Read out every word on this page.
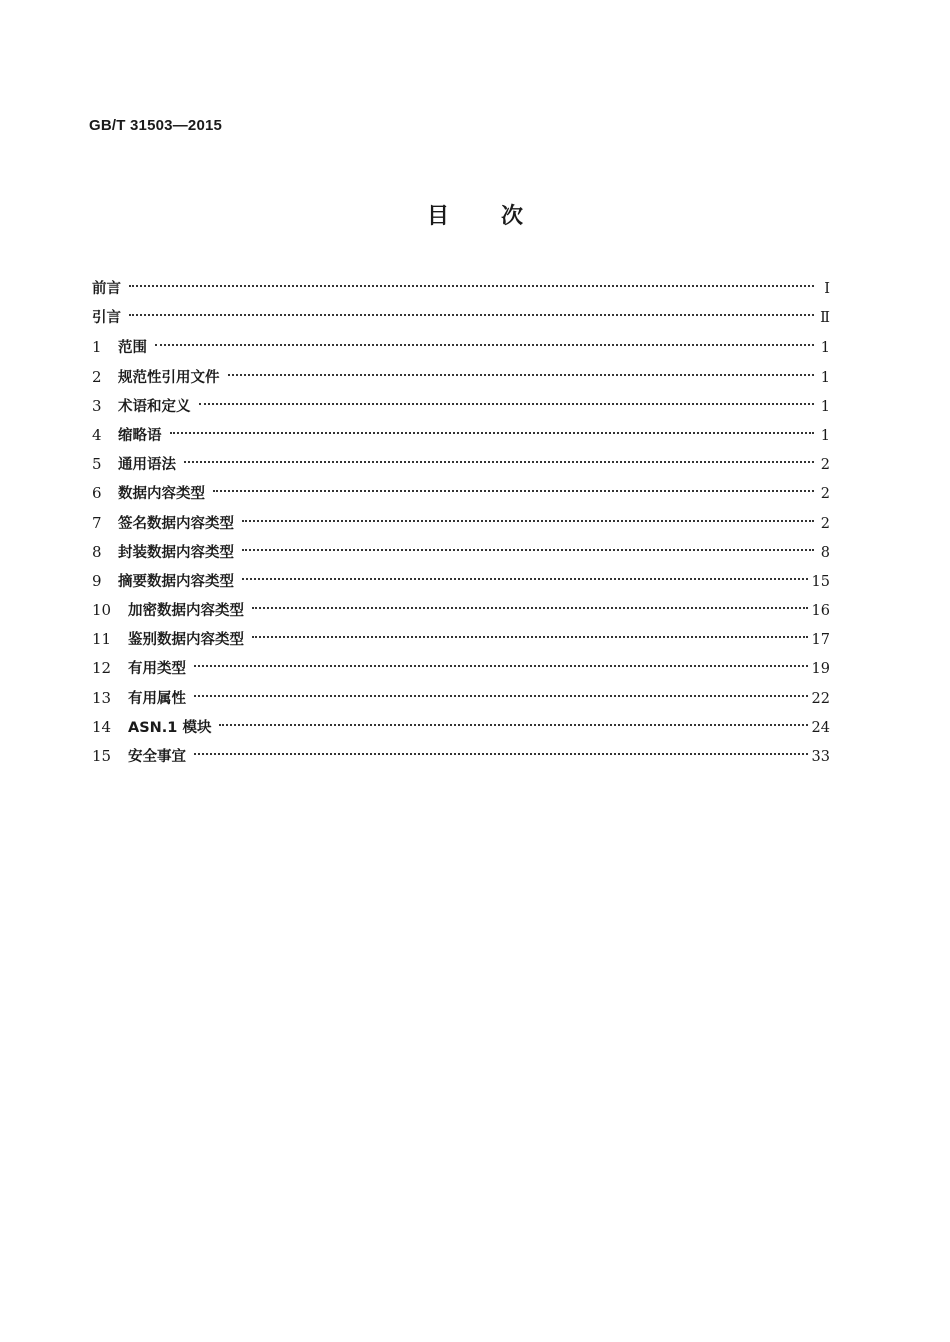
GB/T 31503—2015
目 次
前言	Ⅰ
引言	Ⅱ
1	范围	1
2	规范性引用文件	1
3	术语和定义	1
4	缩略语	1
5	通用语法	2
6	数据内容类型	2
7	签名数据内容类型	2
8	封装数据内容类型	8
9	摘要数据内容类型	15
10	加密数据内容类型	16
11	鉴别数据内容类型	17
12	有用类型	19
13	有用属性	22
14	ASN.1 模块	24
15	安全事宜	33
